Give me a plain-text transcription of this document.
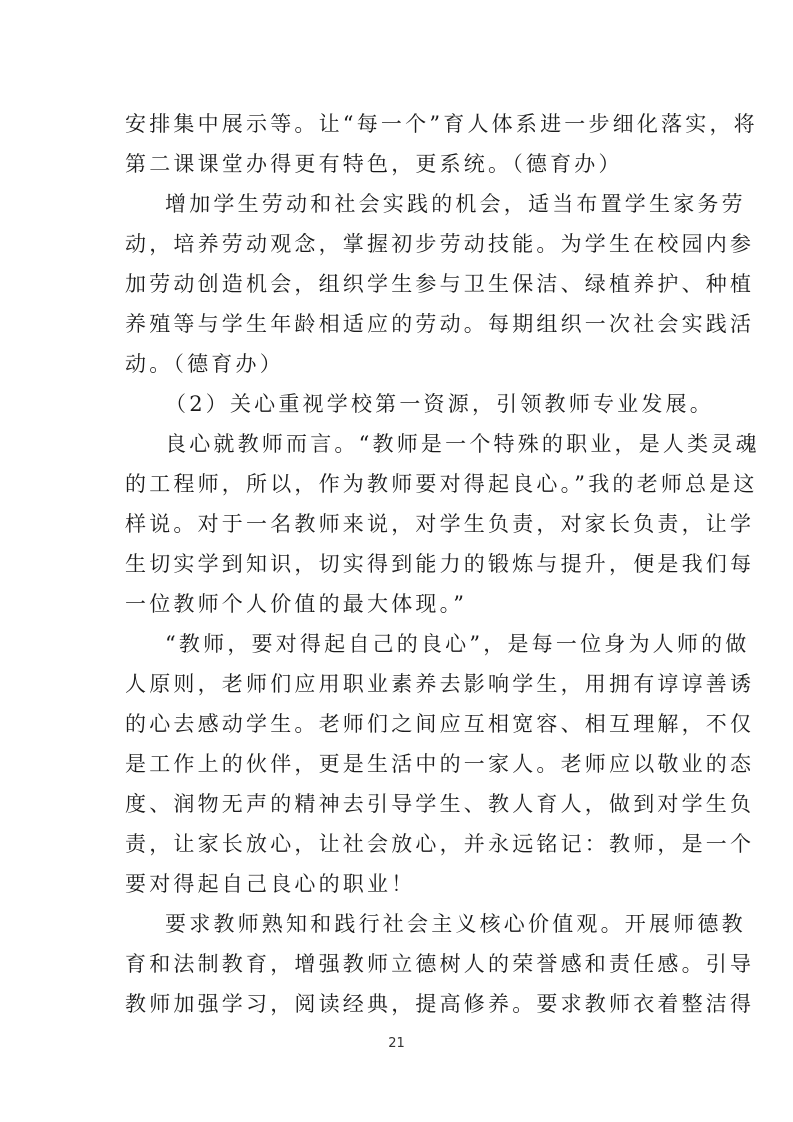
安排集中展示等。让“每一个”育人体系进一步细化落实，将
第二课课堂办得更有特色，更系统。（德育办）
增加学生劳动和社会实践的机会，适当布置学生家务劳
动，培养劳动观念，掌握初步劳动技能。为学生在校园内参
加劳动创造机会，组织学生参与卫生保洁、绿植养护、种植
养殖等与学生年龄相适应的劳动。每期组织一次社会实践活
动。（德育办）
（2）关心重视学校第一资源，引领教师专业发展。
良心就教师而言。“教师是一个特殊的职业，是人类灵魂
的工程师，所以，作为教师要对得起良心。”我的老师总是这
样说。对于一名教师来说，对学生负责，对家长负责，让学
生切实学到知识，切实得到能力的锻炼与提升，便是我们每
一位教师个人价值的最大体现。”
“教师，要对得起自己的良心”，是每一位身为人师的做
人原则，老师们应用职业素养去影响学生，用拥有谆谆善诱
的心去感动学生。老师们之间应互相宽容、相互理解，不仅
是工作上的伙伴，更是生活中的一家人。老师应以敬业的态
度、润物无声的精神去引导学生、教人育人，做到对学生负
责，让家长放心，让社会放心，并永远铭记：教师，是一个
要对得起自己良心的职业！
要求教师熟知和践行社会主义核心价值观。开展师德教
育和法制教育，增强教师立德树人的荣誉感和责任感。引导
教师加强学习，阅读经典，提高修养。要求教师衣着整洁得
21
